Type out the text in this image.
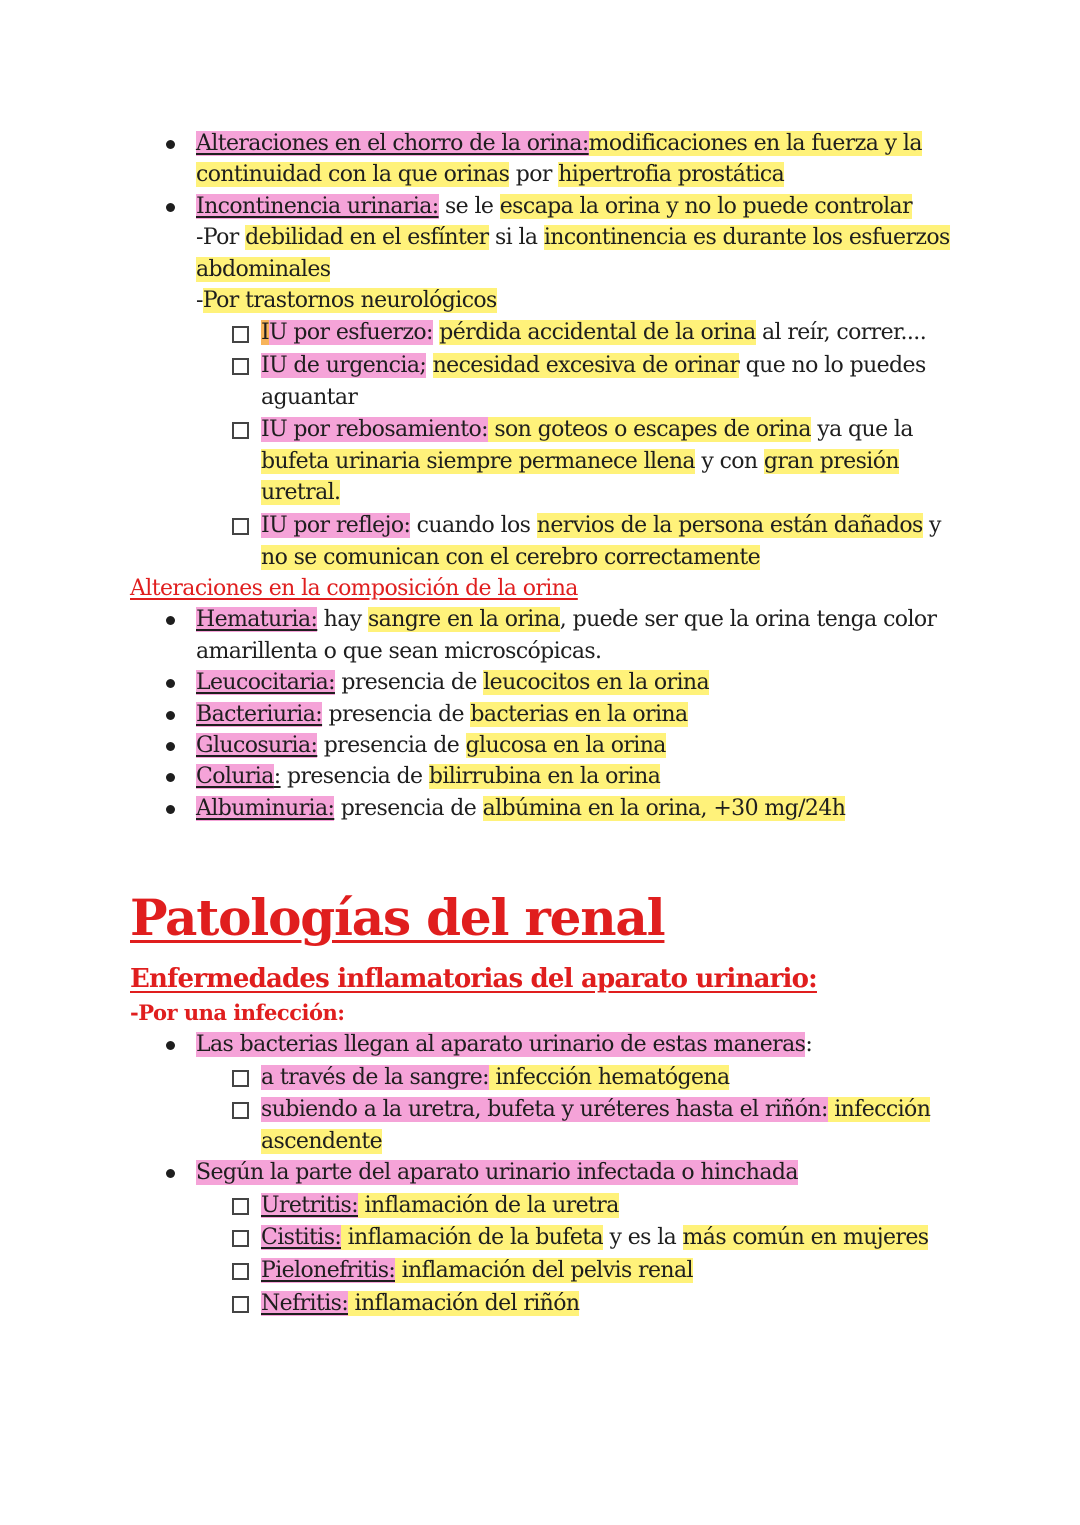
Alteraciones en el chorro de la orina:modificaciones en la fuerza y la
continuidad con la que orinas por hipertrofia prostática
Incontinencia urinaria: se le escapa la orina y no lo puede controlar
-Por debilidad en el esfínter si la incontinencia es durante los esfuerzos
abdominales
-Por trastornos neurológicos
IU por esfuerzo: pérdida accidental de la orina al reír, correr....
IU de urgencia; necesidad excesiva de orinar que no lo puedes
aguantar
IU por rebosamiento: son goteos o escapes de orina ya que la
bufeta urinaria siempre permanece llena y con gran presión
uretral.
IU por reflejo: cuando los nervios de la persona están dañados y
no se comunican con el cerebro correctamente
Alteraciones en la composición de la orina
Hematuria: hay sangre en la orina, puede ser que la orina tenga color
amarillenta o que sean microscópicas.
Leucocitaria: presencia de leucocitos en la orina
Bacteriuria: presencia de bacterias en la orina
Glucosuria: presencia de glucosa en la orina
Coluria: presencia de bilirrubina en la orina
Albuminuria: presencia de albúmina en la orina, +30 mg/24h
Patologías del renal
Enfermedades inflamatorias del aparato urinario:
-Por una infección:
Las bacterias llegan al aparato urinario de estas maneras:
a través de la sangre: infección hematógena
subiendo a la uretra, bufeta y uréteres hasta el riñón: infección
ascendente
Según la parte del aparato urinario infectada o hinchada
Uretritis: inflamación de la uretra
Cistitis: inflamación de la bufeta y es la más común en mujeres
Pielonefritis: inflamación del pelvis renal
Nefritis: inflamación del riñón
